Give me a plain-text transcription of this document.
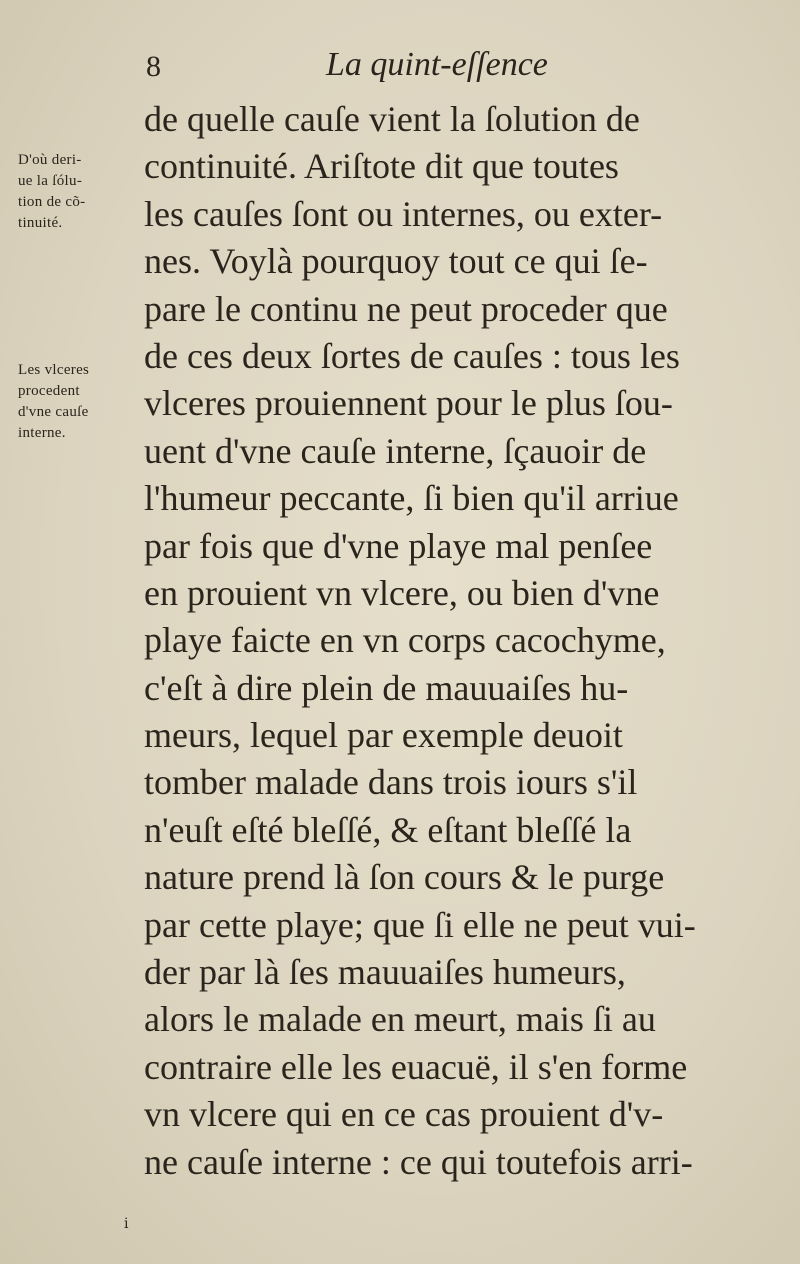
8	La quint-eſſence
D'où deri-
ue la ſólu-
tion de cõ-
tinuité.
Les vlceres
procedent
d'vne cauſe
interne.
de quelle cauſe vient la ſolution de
continuité. Ariſtote dit que toutes
les cauſes ſont ou internes, ou exter-
nes. Voylà pourquoy tout ce qui ſe-
pare le continu ne peut proceder que
de ces deux ſortes de cauſes : tous les
vlceres prouiennent pour le plus ſou-
uent d'vne cauſe interne, ſçauoir de
l'humeur peccante, ſi bien qu'il arriue
par fois que d'vne playe mal penſee
en prouient vn vlcere, ou bien d'vne
playe faicte en vn corps cacochyme,
c'eſt à dire plein de mauuaiſes hu-
meurs, lequel par exemple deuoit
tomber malade dans trois iours s'il
n'euſt eſté bleſſé, & eſtant bleſſé la
nature prend là ſon cours & le purge
par cette playe; que ſi elle ne peut vui-
der par là ſes mauuaiſes humeurs,
alors le malade en meurt, mais ſi au
contraire elle les euacuë, il s'en forme
vn vlcere qui en ce cas prouient d'v-
ne cauſe interne : ce qui toutefois arri-
i
